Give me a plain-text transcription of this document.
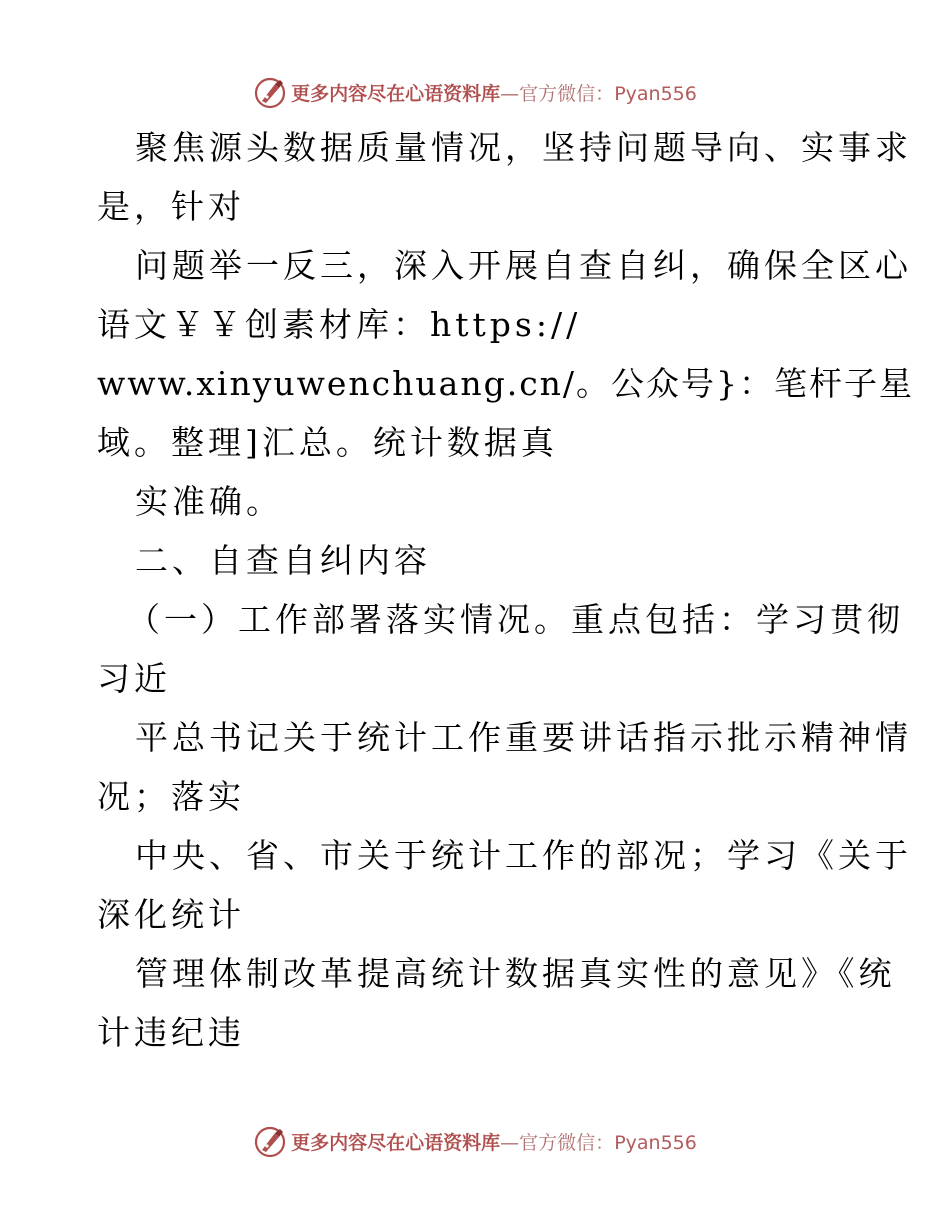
更多内容尽在心语资料库—官方微信：Pyan556
聚焦源头数据质量情况，坚持问题导向、实事求
是，针对
问题举一反三，深入开展自查自纠，确保全区心
语文￥￥创素材库：https://
www.xinyuwenchuang.cn/。公众号}：笔杆子星
域。整理]汇总。统计数据真
实准确。
二、自查自纠内容
（一）工作部署落实情况。重点包括：学习贯彻
习近
平总书记关于统计工作重要讲话指示批示精神情
况；落实
中央、省、市关于统计工作的部况；学习《关于
深化统计
管理体制改革提高统计数据真实性的意见》《统
计违纪违
更多内容尽在心语资料库—官方微信：Pyan556
